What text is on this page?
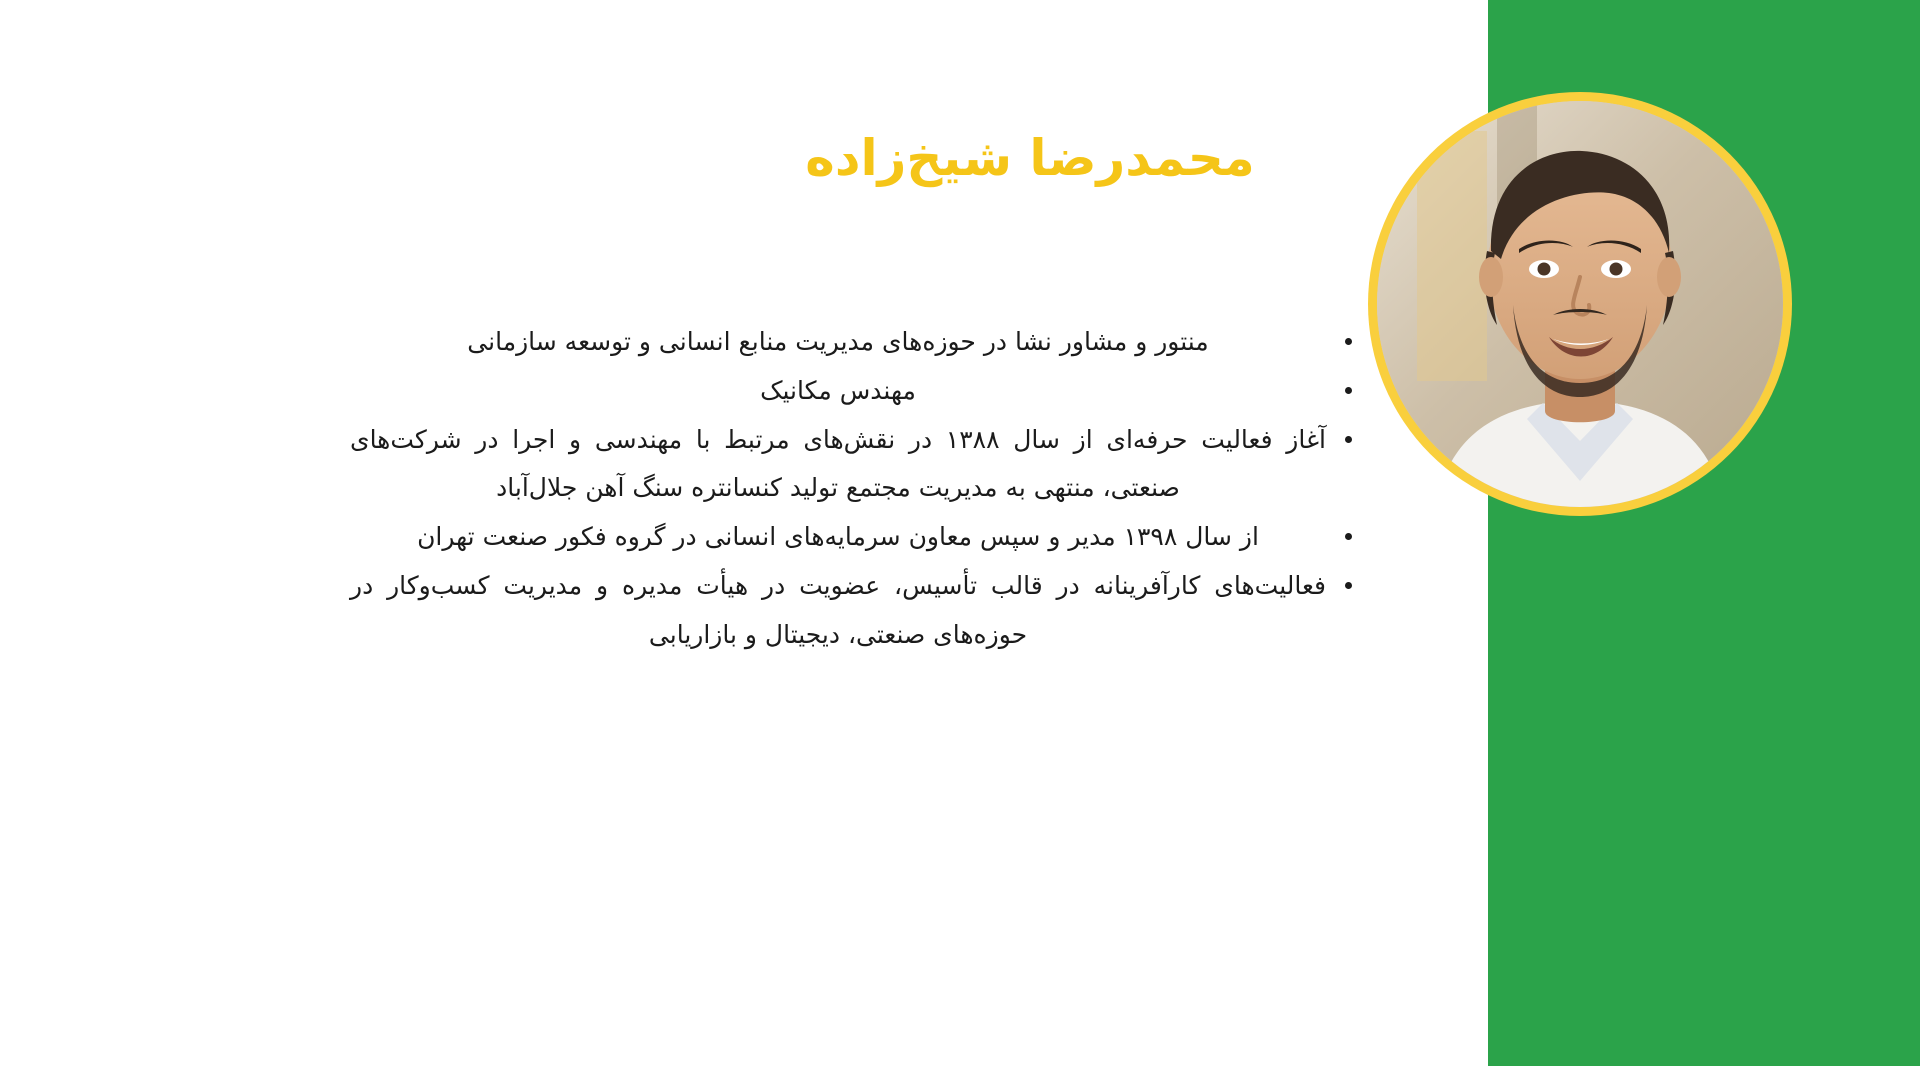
محمدرضا شیخ‌زاده
منتور و مشاور نشا در حوزه‌های مدیریت منابع انسانی و توسعه سازمانی
مهندس مکانیک
آغاز فعالیت حرفه‌ای از سال ۱۳۸۸ در نقش‌های مرتبط با مهندسی و اجرا در شرکت‌های صنعتی، منتهی به مدیریت مجتمع تولید کنسانتره سنگ آهن جلال‌آباد
از سال ۱۳۹۸ مدیر و سپس معاون سرمایه‌های انسانی در گروه فکور صنعت تهران
فعالیت‌های کارآفرینانه در قالب تأسیس، عضویت در هیأت مدیره و مدیریت کسب‌وکار در حوزه‌های صنعتی، دیجیتال و بازاریابی
